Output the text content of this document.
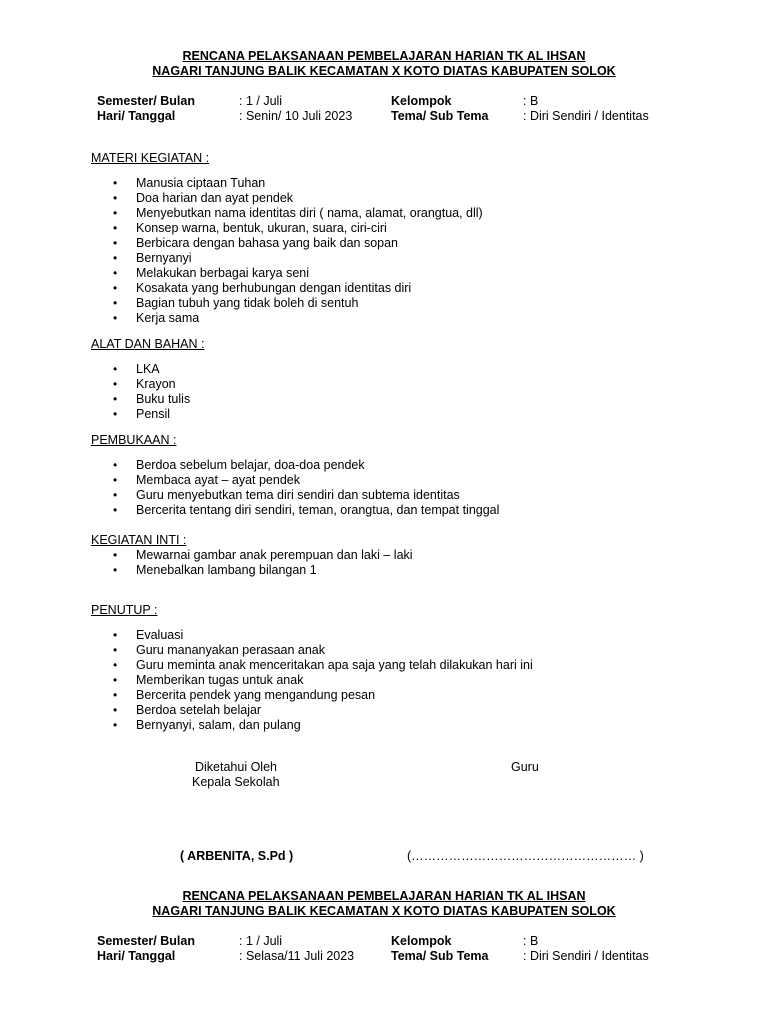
RENCANA PELAKSANAAN PEMBELAJARAN HARIAN TK AL IHSAN
NAGARI TANJUNG BALIK KECAMATAN X KOTO DIATAS KABUPATEN SOLOK
Semester/ Bulan	: 1 / Juli	Kelompok	: B
Hari/ Tanggal	: Senin/ 10 Juli 2023	Tema/ Sub Tema	: Diri Sendiri / Identitas
MATERI KEGIATAN :
• Manusia ciptaan Tuhan
• Doa harian dan ayat pendek
• Menyebutkan nama identitas diri ( nama, alamat, orangtua, dll)
• Konsep warna, bentuk, ukuran, suara, ciri-ciri
• Berbicara dengan bahasa yang baik dan sopan
• Bernyanyi
• Melakukan berbagai karya seni
• Kosakata yang berhubungan dengan identitas diri
• Bagian tubuh yang tidak boleh di sentuh
• Kerja sama
ALAT DAN BAHAN :
• LKA
• Krayon
• Buku tulis
• Pensil
PEMBUKAAN :
• Berdoa sebelum belajar, doa-doa pendek
• Membaca ayat – ayat pendek
• Guru menyebutkan tema diri sendiri dan subtema identitas
• Bercerita tentang diri sendiri, teman, orangtua, dan tempat tinggal
KEGIATAN INTI :
• Mewarnai gambar anak perempuan dan laki – laki
• Menebalkan lambang bilangan 1
PENUTUP :
• Evaluasi
• Guru mananyakan perasaan anak
• Guru meminta anak menceritakan apa saja yang telah dilakukan hari ini
• Memberikan tugas untuk anak
• Bercerita pendek yang mengandung pesan
• Berdoa setelah belajar
• Bernyanyi, salam, dan pulang
Diketahui Oleh
Kepala Sekolah
Guru
( ARBENITA, S.Pd )	(……………………………………………… )
RENCANA PELAKSANAAN PEMBELAJARAN HARIAN TK AL IHSAN
NAGARI TANJUNG BALIK KECAMATAN X KOTO DIATAS KABUPATEN SOLOK
Semester/ Bulan	: 1 / Juli	Kelompok	: B
Hari/ Tanggal	: Selasa/11 Juli 2023	Tema/ Sub Tema	: Diri Sendiri / Identitas
